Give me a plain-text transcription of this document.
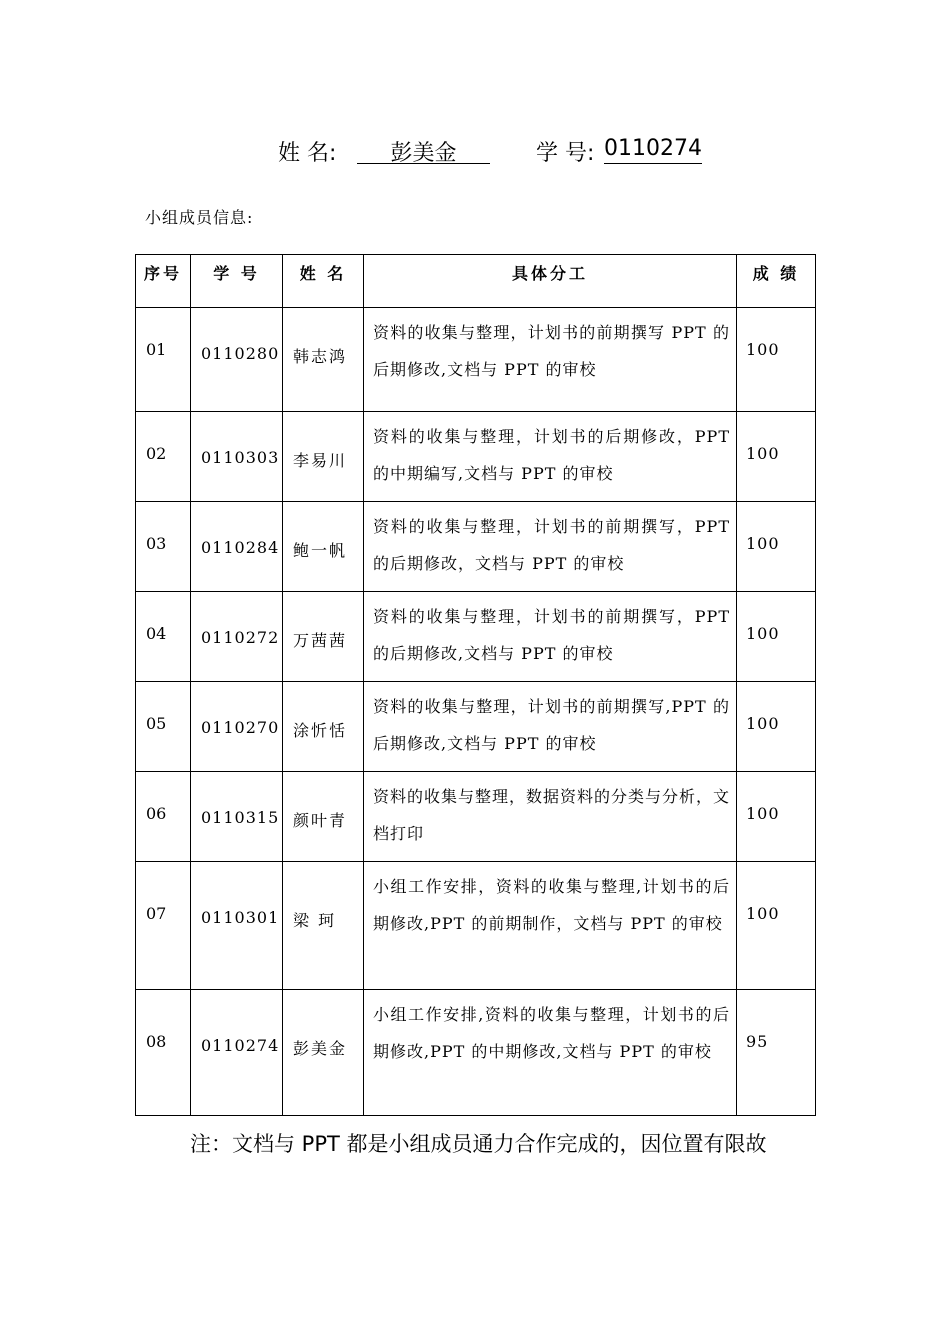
姓 名:	彭美金	学 号: 0110274
小组成员信息:
序号	学 号	姓 名	具体分工	成 绩

01	0110280	韩志鸿	资料的收集与整理，计划书的前期撰写 PPT 的后期修改,文档与 PPT 的审校	100

02	0110303	李易川	资料的收集与整理，计划书的后期修改，PPT 的中期编写,文档与 PPT 的审校	100

03	0110284	鲍一帆	资料的收集与整理，计划书的前期撰写，PPT 的后期修改，文档与 PPT 的审校	100

04	0110272	万茜茜	资料的收集与整理，计划书的前期撰写，PPT 的后期修改,文档与 PPT 的审校	100

05	0110270	涂忻恬	资料的收集与整理，计划书的前期撰写,PPT 的后期修改,文档与 PPT 的审校	100

06	0110315	颜叶青	资料的收集与整理，数据资料的分类与分析，文档打印	100

07	0110301	梁 珂	小组工作安排，资料的收集与整理,计划书的后期修改,PPT 的前期制作，文档与 PPT 的审校	100

08	0110274	彭美金	小组工作安排,资料的收集与整理，计划书的后期修改,PPT 的中期修改,文档与 PPT 的审校	95
注：文档与 PPT 都是小组成员通力合作完成的，因位置有限故
